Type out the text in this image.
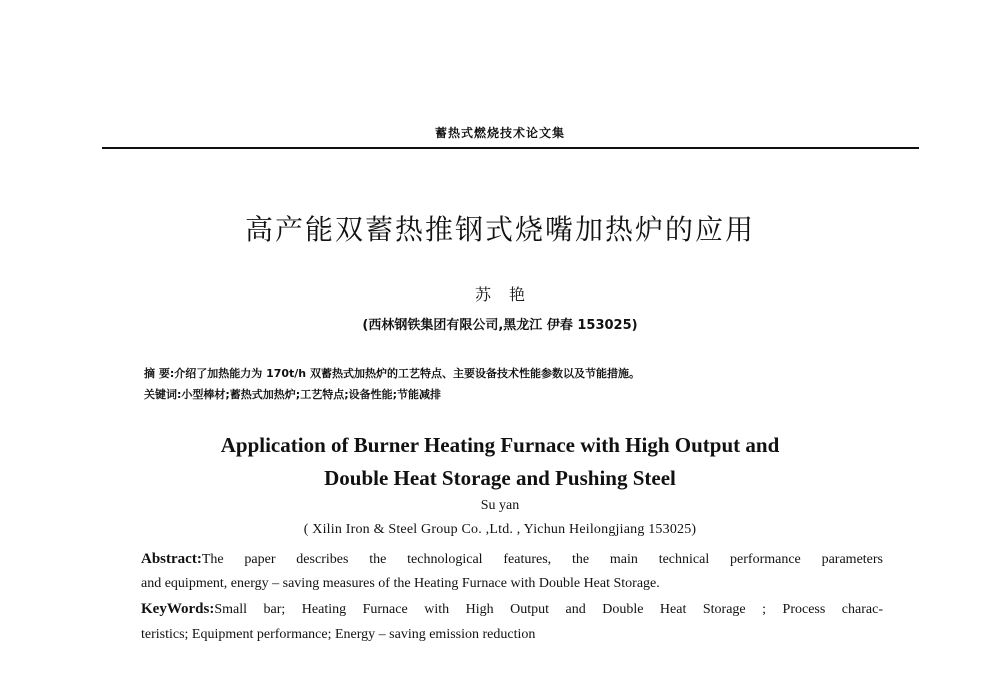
蓄热式燃烧技术论文集
高产能双蓄热推钢式烧嘴加热炉的应用
苏艳
(西林钢铁集团有限公司,黑龙江 伊春 153025)
摘 要:介绍了加热能力为 170t/h 双蓄热式加热炉的工艺特点、主要设备技术性能参数以及节能措施。
关键词:小型棒材;蓄热式加热炉;工艺特点;设备性能;节能减排
Application of Burner Heating Furnace with High Output and
Double Heat Storage and Pushing Steel
Su yan
( Xilin Iron & Steel Group Co. ,Ltd. , Yichun Heilongjiang 153025)
Abstract:The paper describes the technological features, the main technical performance parameters
and equipment, energy – saving measures of the Heating Furnace with Double Heat Storage.
KeyWords:Small bar; Heating Furnace with High Output and Double Heat Storage ; Process charac-
teristics; Equipment performance; Energy – saving emission reduction
